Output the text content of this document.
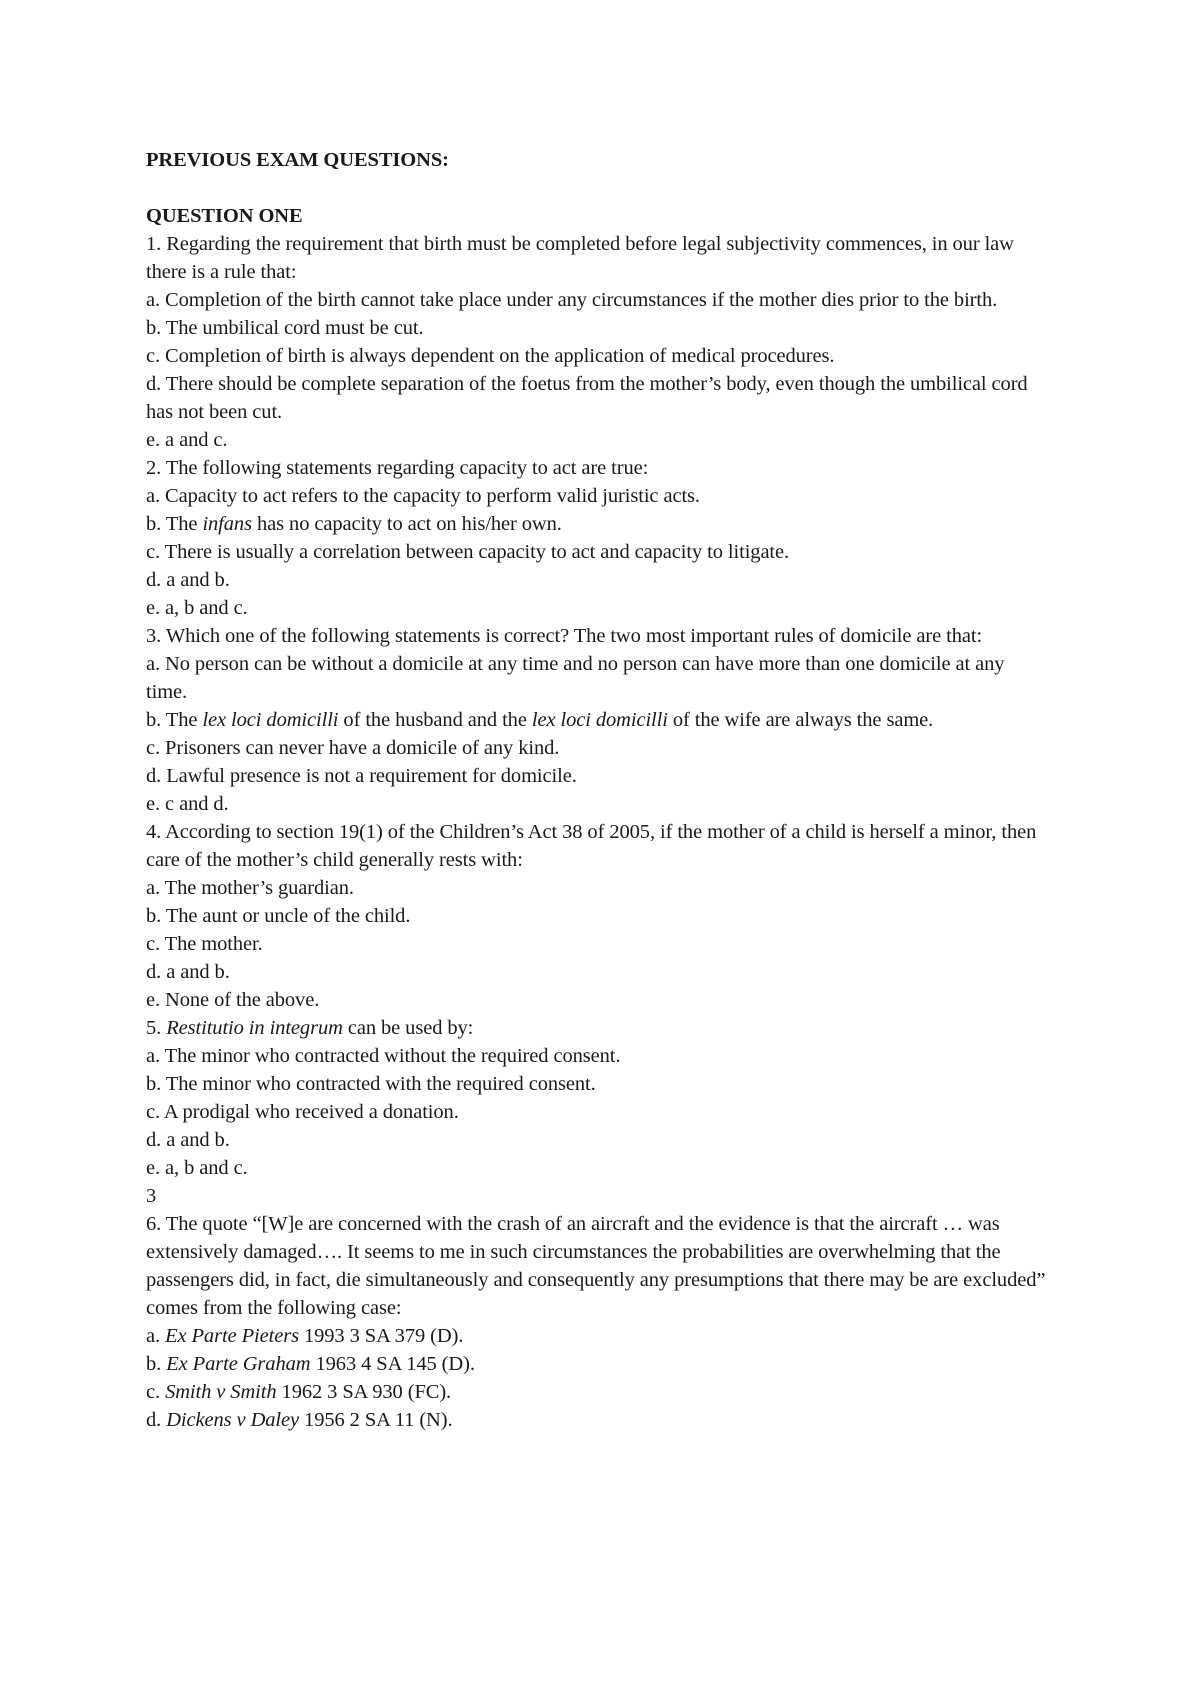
PREVIOUS EXAM QUESTIONS:

QUESTION ONE

1. Regarding the requirement that birth must be completed before legal subjectivity commences, in our law there is a rule that:

a. Completion of the birth cannot take place under any circumstances if the mother dies prior to the birth.

b. The umbilical cord must be cut.

c. Completion of birth is always dependent on the application of medical procedures.

d. There should be complete separation of the foetus from the mother’s body, even though the umbilical cord has not been cut.

e. a and c.

2. The following statements regarding capacity to act are true:

a. Capacity to act refers to the capacity to perform valid juristic acts.

b. The infans has no capacity to act on his/her own.

c. There is usually a correlation between capacity to act and capacity to litigate.

d. a and b.

e. a, b and c.

3. Which one of the following statements is correct? The two most important rules of domicile are that:

a. No person can be without a domicile at any time and no person can have more than one domicile at any time.

b. The lex loci domicilli of the husband and the lex loci domicilli of the wife are always the same.

c. Prisoners can never have a domicile of any kind.

d. Lawful presence is not a requirement for domicile.

e. c and d.

4. According to section 19(1) of the Children’s Act 38 of 2005, if the mother of a child is herself a minor, then care of the mother’s child generally rests with:

a. The mother’s guardian.

b. The aunt or uncle of the child.

c. The mother.

d. a and b.

e. None of the above.

5. Restitutio in integrum can be used by:

a. The minor who contracted without the required consent.

b. The minor who contracted with the required consent.

c. A prodigal who received a donation.

d. a and b.

e. a, b and c.

3

6. The quote “[W]e are concerned with the crash of an aircraft and the evidence is that the aircraft … was extensively damaged…. It seems to me in such circumstances the probabilities are overwhelming that the passengers did, in fact, die simultaneously and consequently any presumptions that there may be are excluded” comes from the following case:

a. Ex Parte Pieters 1993 3 SA 379 (D).

b. Ex Parte Graham 1963 4 SA 145 (D).

c. Smith v Smith 1962 3 SA 930 (FC).

d. Dickens v Daley 1956 2 SA 11 (N).
